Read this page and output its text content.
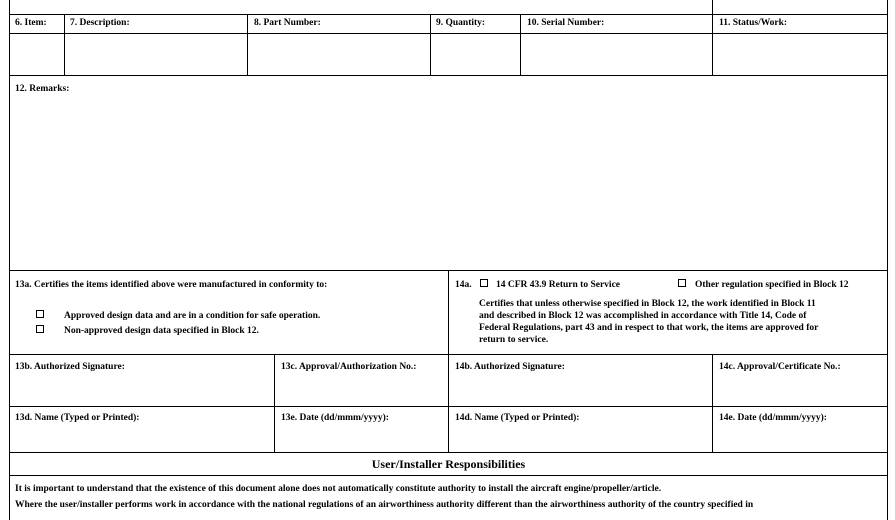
6. Item: 7. Description:	8. Part Number:	9. Quantity:	10. Serial Number:	11. Status/Work:
12. Remarks:
13a. Certifies the items identified above were manufactured in conformity to:
Approved design data and are in a condition for safe operation.
Non-approved design data specified in Block 12.
14a.	14 CFR 43.9 Return to Service	Other regulation specified in Block 12
Certifies that unless otherwise specified in Block 12, the work identified in Block 11
and described in Block 12 was accomplished in accordance with Title 14, Code of
Federal Regulations, part 43 and in respect to that work, the items are approved for
return to service.
13b. Authorized Signature:	13c. Approval/Authorization No.:	14b. Authorized Signature:	14c. Approval/Certificate No.:
13d. Name (Typed or Printed):	13e. Date (dd/mmm/yyyy):	14d. Name (Typed or Printed):	14e. Date (dd/mmm/yyyy):
User/Installer Responsibilities
It is important to understand that the existence of this document alone does not automatically constitute authority to install the aircraft engine/propeller/article.
Where the user/installer performs work in accordance with the national regulations of an airworthiness authority different than the airworthiness authority of the country specified in
